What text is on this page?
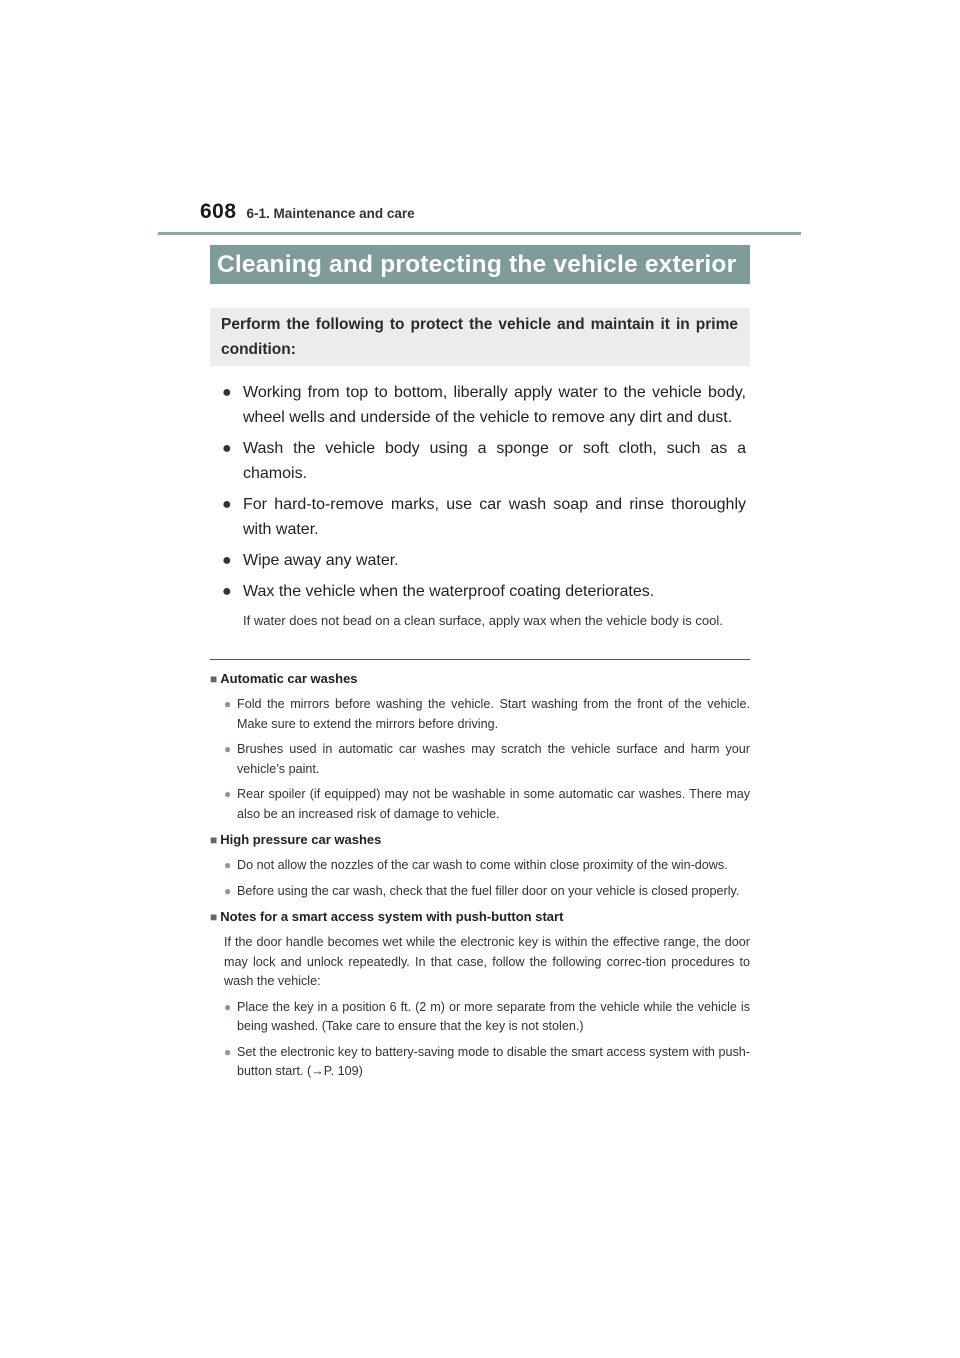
608 6-1. Maintenance and care
Cleaning and protecting the vehicle exterior
Perform the following to protect the vehicle and maintain it in prime condition:
● Working from top to bottom, liberally apply water to the vehicle body, wheel wells and underside of the vehicle to remove any dirt and dust.
● Wash the vehicle body using a sponge or soft cloth, such as a chamois.
● For hard-to-remove marks, use car wash soap and rinse thoroughly with water.
● Wipe away any water.
● Wax the vehicle when the waterproof coating deteriorates.
If water does not bead on a clean surface, apply wax when the vehicle body is cool.
■ Automatic car washes
● Fold the mirrors before washing the vehicle. Start washing from the front of the vehicle. Make sure to extend the mirrors before driving.
● Brushes used in automatic car washes may scratch the vehicle surface and harm your vehicle’s paint.
● Rear spoiler (if equipped) may not be washable in some automatic car washes. There may also be an increased risk of damage to vehicle.
■ High pressure car washes
● Do not allow the nozzles of the car wash to come within close proximity of the win-dows.
● Before using the car wash, check that the fuel filler door on your vehicle is closed properly.
■ Notes for a smart access system with push-button start
If the door handle becomes wet while the electronic key is within the effective range, the door may lock and unlock repeatedly. In that case, follow the following correc-tion procedures to wash the vehicle:
● Place the key in a position 6 ft. (2 m) or more separate from the vehicle while the vehicle is being washed. (Take care to ensure that the key is not stolen.)
● Set the electronic key to battery-saving mode to disable the smart access system with push-button start. (→P. 109)
